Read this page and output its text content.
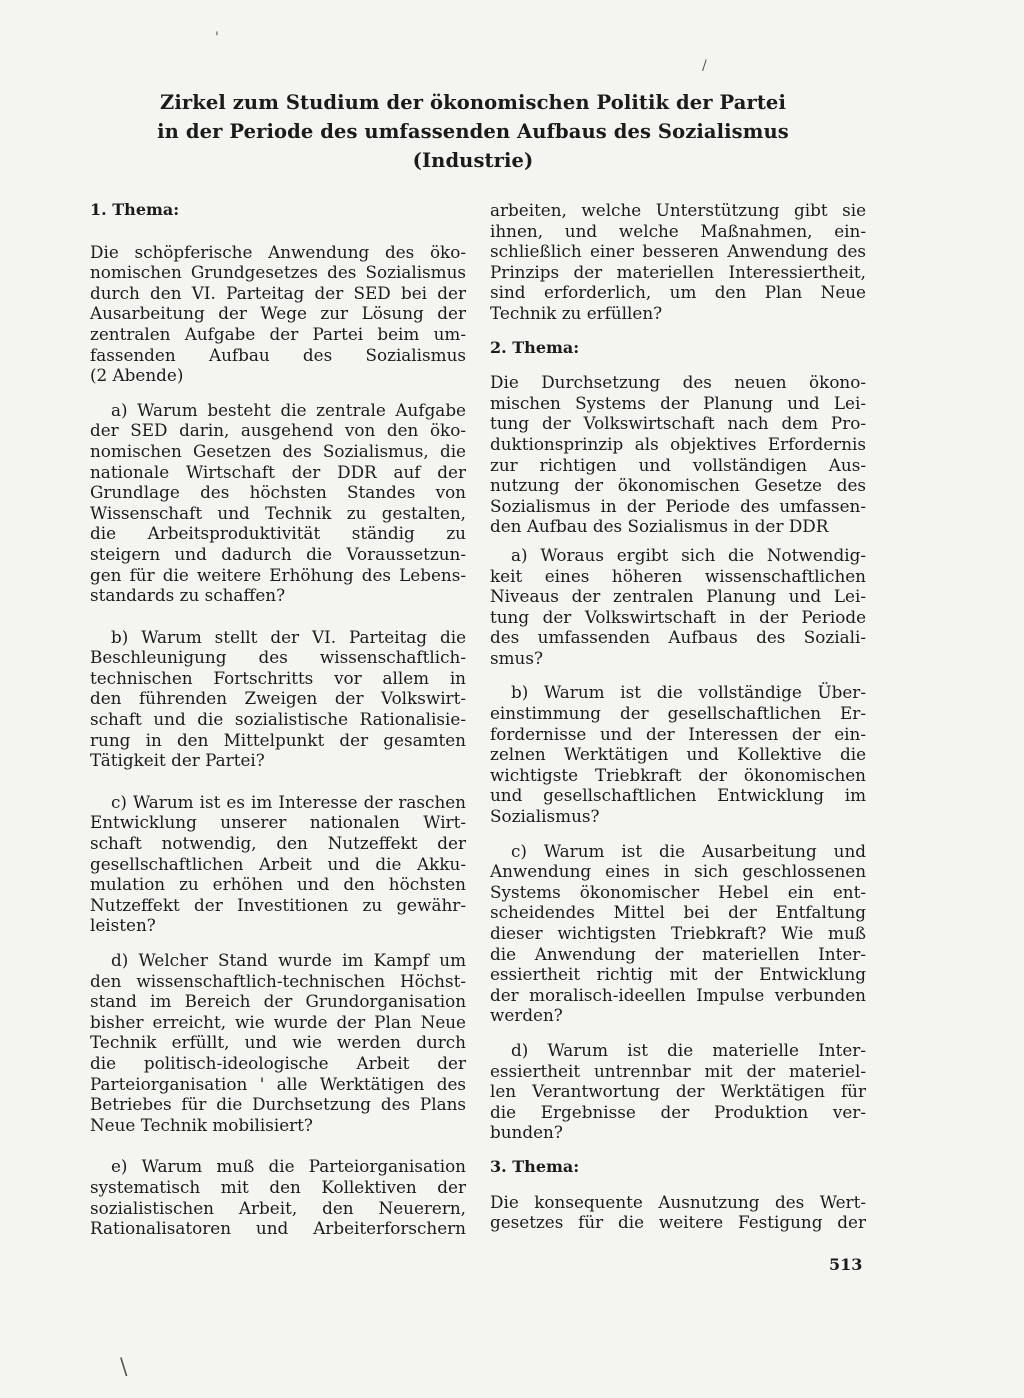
Zirkel zum Studium der ökonomischen Politik der Partei
in der Periode des umfassenden Aufbaus des Sozialismus
(Industrie)
1. Thema:
Die schöpferische Anwendung des öko-
nomischen Grundgesetzes des Sozialismus
durch den VI. Parteitag der SED bei der
Ausarbeitung der Wege zur Lösung der
zentralen Aufgabe der Partei beim um-
fassenden Aufbau des Sozialismus
(2 Abende)
a) Warum besteht die zentrale Aufgabe
der SED darin, ausgehend von den öko-
nomischen Gesetzen des Sozialismus, die
nationale Wirtschaft der DDR auf der
Grundlage des höchsten Standes von
Wissenschaft und Technik zu gestalten,
die Arbeitsproduktivität ständig zu
steigern und dadurch die Voraussetzun-
gen für die weitere Erhöhung des Lebens-
standards zu schaffen?
b) Warum stellt der VI. Parteitag die
Beschleunigung des wissenschaftlich-
technischen Fortschritts vor allem in
den führenden Zweigen der Volkswirt-
schaft und die sozialistische Rationalisie-
rung in den Mittelpunkt der gesamten
Tätigkeit der Partei?
c) Warum ist es im Interesse der raschen
Entwicklung unserer nationalen Wirt-
schaft notwendig, den Nutzeffekt der
gesellschaftlichen Arbeit und die Akku-
mulation zu erhöhen und den höchsten
Nutzeffekt der Investitionen zu gewähr-
leisten?
d) Welcher Stand wurde im Kampf um
den wissenschaftlich-technischen Höchst-
stand im Bereich der Grundorganisation
bisher erreicht, wie wurde der Plan Neue
Technik erfüllt, und wie werden durch
die politisch-ideologische Arbeit der
Parteiorganisation ' alle Werktätigen des
Betriebes für die Durchsetzung des Plans
Neue Technik mobilisiert?
e) Warum muß die Parteiorganisation
systematisch mit den Kollektiven der
sozialistischen Arbeit, den Neuerern,
Rationalisatoren und Arbeiterforschern
arbeiten, welche Unterstützung gibt sie
ihnen, und welche Maßnahmen, ein-
schließlich einer besseren Anwendung des
Prinzips der materiellen Interessiertheit,
sind erforderlich, um den Plan Neue
Technik zu erfüllen?
2. Thema:
Die Durchsetzung des neuen ökono-
mischen Systems der Planung und Lei-
tung der Volkswirtschaft nach dem Pro-
duktionsprinzip als objektives Erfordernis
zur richtigen und vollständigen Aus-
nutzung der ökonomischen Gesetze des
Sozialismus in der Periode des umfassen-
den Aufbau des Sozialismus in der DDR
a) Woraus ergibt sich die Notwendig-
keit eines höheren wissenschaftlichen
Niveaus der zentralen Planung und Lei-
tung der Volkswirtschaft in der Periode
des umfassenden Aufbaus des Soziali-
smus?
b) Warum ist die vollständige Über-
einstimmung der gesellschaftlichen Er-
fordernisse und der Interessen der ein-
zelnen Werktätigen und Kollektive die
wichtigste Triebkraft der ökonomischen
und gesellschaftlichen Entwicklung im
Sozialismus?
c) Warum ist die Ausarbeitung und
Anwendung eines in sich geschlossenen
Systems ökonomischer Hebel ein ent-
scheidendes Mittel bei der Entfaltung
dieser wichtigsten Triebkraft? Wie muß
die Anwendung der materiellen Inter-
essiertheit richtig mit der Entwicklung
der moralisch-ideellen Impulse verbunden
werden?
d) Warum ist die materielle Inter-
essiertheit untrennbar mit der materiel-
len Verantwortung der Werktätigen für
die Ergebnisse der Produktion ver-
bunden?
3. Thema:
Die konsequente Ausnutzung des Wert-
gesetzes für die weitere Festigung der
513
'
/
\
